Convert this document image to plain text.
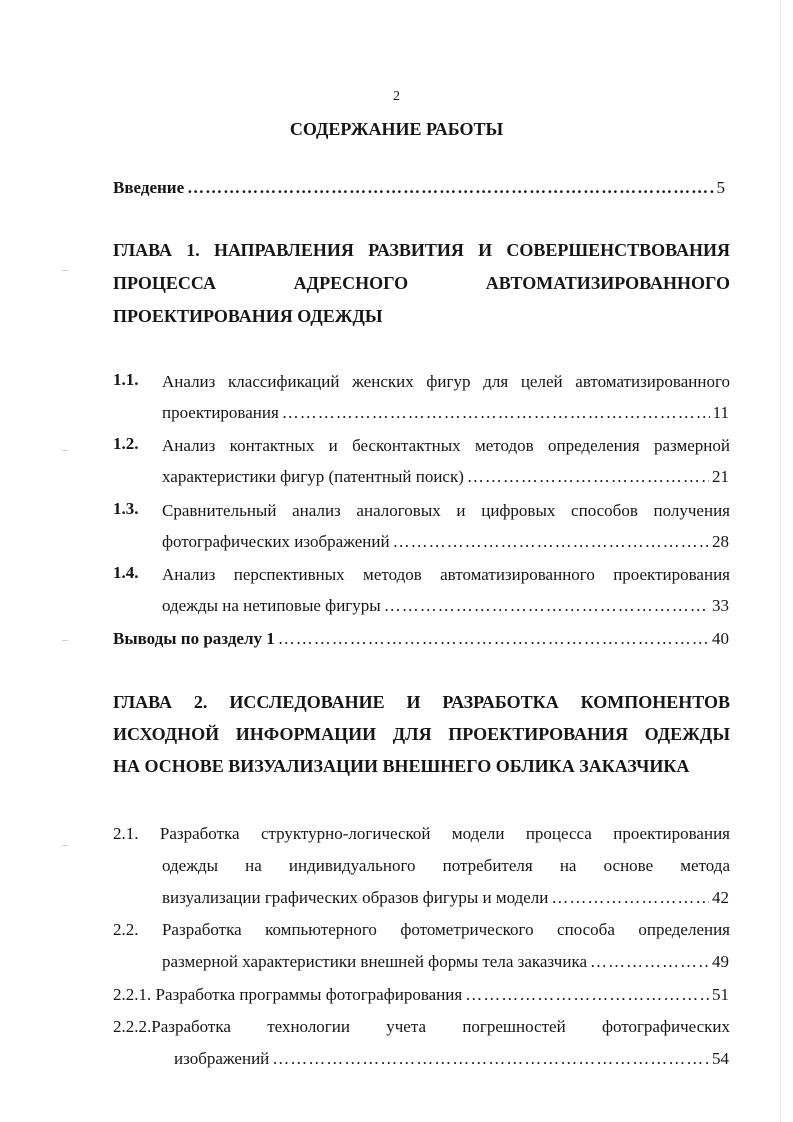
2
СОДЕРЖАНИЕ РАБОТЫ
Введение ……………………………………………………………………………………………………………………………………………………………………	5
ГЛАВА 1. НАПРАВЛЕНИЯ РАЗВИТИЯ И СОВЕРШЕНСТВОВАНИЯ
ПРОЦЕССА АДРЕСНОГО АВТОМАТИЗИРОВАННОГО
ПРОЕКТИРОВАНИЯ ОДЕЖДЫ
1.1. Анализ классификаций женских фигур для целей автоматизированного
проектирования ……………………………………………………………………………………………………………………………………………………………………	11
1.2. Анализ контактных и бесконтактных методов определения размерной
характеристики фигур (патентный поиск) ……………………………………………………………………………………………………………………………………………………………………	21
1.3. Сравнительный анализ аналоговых и цифровых способов получения
фотографических изображений ……………………………………………………………………………………………………………………………………………………………………	28
1.4. Анализ перспективных методов автоматизированного проектирования
одежды на нетиповые фигуры ……………………………………………………………………………………………………………………………………………………………………	33
Выводы по разделу 1 ……………………………………………………………………………………………………………………………………………………………………	40
ГЛАВА 2. ИССЛЕДОВАНИЕ И РАЗРАБОТКА КОМПОНЕНТОВ
ИСХОДНОЙ ИНФОРМАЦИИ ДЛЯ ПРОЕКТИРОВАНИЯ ОДЕЖДЫ
НА ОСНОВЕ ВИЗУАЛИЗАЦИИ ВНЕШНЕГО ОБЛИКА ЗАКАЗЧИКА
2.1. Разработка структурно-логической модели процесса проектирования
одежды на индивидуального потребителя на основе метода
визуализации графических образов фигуры и модели ……………………………………………………………………………………………………………………………………………………………………	42
2.2. Разработка компьютерного фотометрического способа определения
размерной характеристики внешней формы тела заказчика ……………………………………………………………………………………………………………………………………………………………………	49
2.2.1. Разработка программы фотографирования ……………………………………………………………………………………………………………………………………………………………………	51
2.2.2.Разработка технологии учета погрешностей фотографических
изображений ……………………………………………………………………………………………………………………………………………………………………	54
